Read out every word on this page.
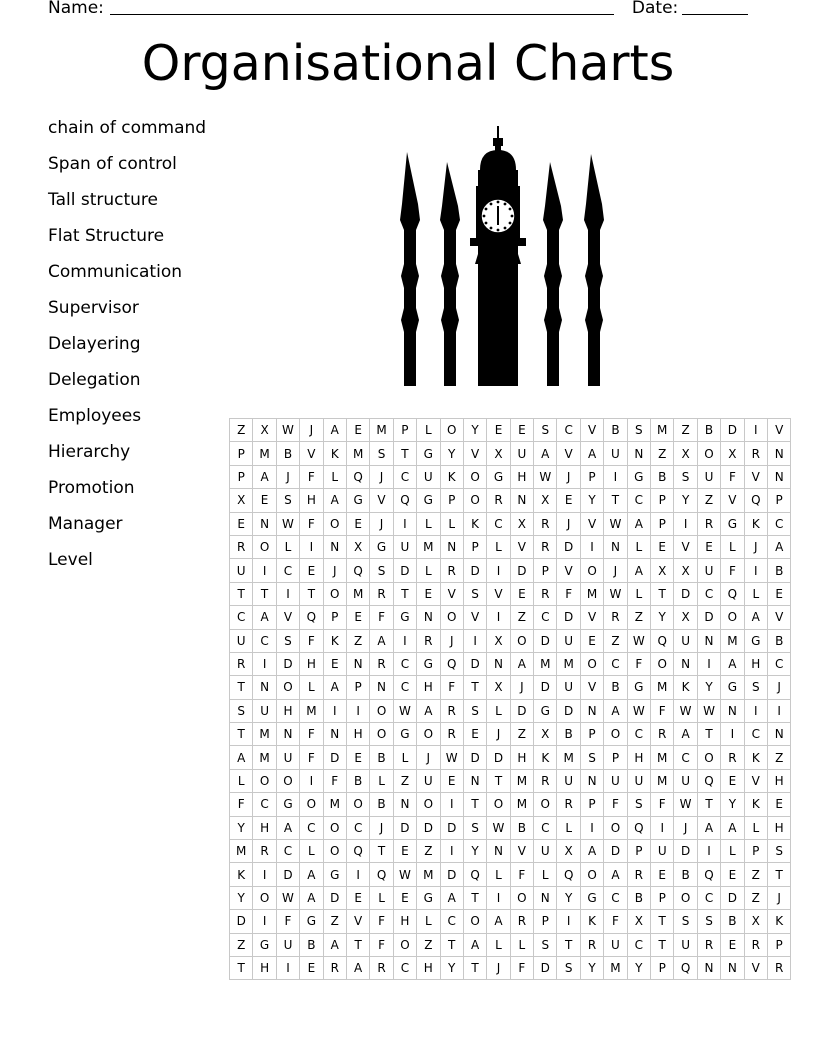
Name:	Date:
Organisational Charts
chain of command
Span of control
Tall structure
Flat Structure
Communication
Supervisor
Delayering
Delegation
Employees
Hierarchy
Promotion
Manager
Level
Z	X	W	J	A	E	M	P	L	O	Y	E	E	S	C	V	B	S	M	Z	B	D	I	V
P	M	B	V	K	M	S	T	G	Y	V	X	U	A	V	A	U	N	Z	X	O	X	R	N
P	A	J	F	L	Q	J	C	U	K	O	G	H	W	J	P	I	G	B	S	U	F	V	N
X	E	S	H	A	G	V	Q	G	P	O	R	N	X	E	Y	T	C	P	Y	Z	V	Q	P
E	N	W	F	O	E	J	I	L	L	K	C	X	R	J	V	W	A	P	I	R	G	K	C
R	O	L	I	N	X	G	U	M	N	P	L	V	R	D	I	N	L	E	V	E	L	J	A
U	I	C	E	J	Q	S	D	L	R	D	I	D	P	V	O	J	A	X	X	U	F	I	B
T	T	I	T	O	M	R	T	E	V	S	V	E	R	F	M	W	L	T	D	C	Q	L	E
C	A	V	Q	P	E	F	G	N	O	V	I	Z	C	D	V	R	Z	Y	X	D	O	A	V
U	C	S	F	K	Z	A	I	R	J	I	X	O	D	U	E	Z	W	Q	U	N	M	G	B
R	I	D	H	E	N	R	C	G	Q	D	N	A	M	M	O	C	F	O	N	I	A	H	C
T	N	O	L	A	P	N	C	H	F	T	X	J	D	U	V	B	G	M	K	Y	G	S	J
S	U	H	M	I	I	O	W	A	R	S	L	D	G	D	N	A	W	F	W	W	N	I	I
T	M	N	F	N	H	O	G	O	R	E	J	Z	X	B	P	O	C	R	A	T	I	C	N
A	M	U	F	D	E	B	L	J	W	D	D	H	K	M	S	P	H	M	C	O	R	K	Z
L	O	O	I	F	B	L	Z	U	E	N	T	M	R	U	N	U	U	M	U	Q	E	V	H
F	C	G	O	M	O	B	N	O	I	T	O	M	O	R	P	F	S	F	W	T	Y	K	E
Y	H	A	C	O	C	J	D	D	D	S	W	B	C	L	I	O	Q	I	J	A	A	L	H
M	R	C	L	O	Q	T	E	Z	I	Y	N	V	U	X	A	D	P	U	D	I	L	P	S
K	I	D	A	G	I	Q	W	M	D	Q	L	F	L	Q	O	A	R	E	B	Q	E	Z	T
Y	O	W	A	D	E	L	E	G	A	T	I	O	N	Y	G	C	B	P	O	C	D	Z	J
D	I	F	G	Z	V	F	H	L	C	O	A	R	P	I	K	F	X	T	S	S	B	X	K
Z	G	U	B	A	T	F	O	Z	T	A	L	L	S	T	R	U	C	T	U	R	E	R	P
T	H	I	E	R	A	R	C	H	Y	T	J	F	D	S	Y	M	Y	P	Q	N	N	V	R
